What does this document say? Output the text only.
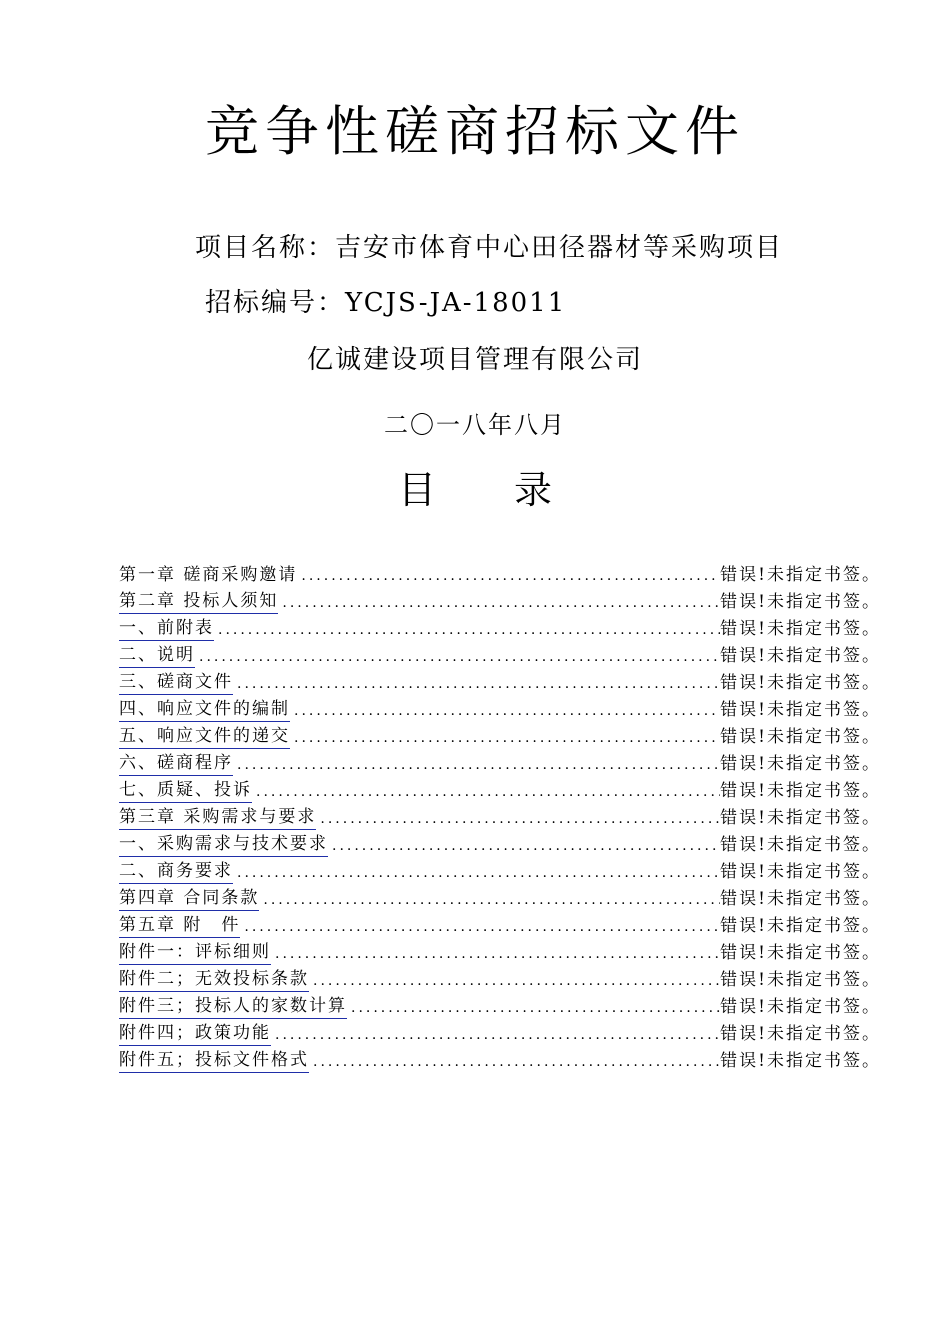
竞争性磋商招标文件
项目名称：吉安市体育中心田径器材等采购项目
招标编号：YCJS-JA-18011
亿诚建设项目管理有限公司
二〇一八年八月
目 录
第一章 磋商采购邀请 .....	错误!未指定书签。
第二章 投标人须知 .....	错误!未指定书签。
一、前附表 .....	错误!未指定书签。
二、说明 .....	错误!未指定书签。
三、磋商文件 .....	错误!未指定书签。
四、响应文件的编制 .....	错误!未指定书签。
五、响应文件的递交 .....	错误!未指定书签。
六、磋商程序 .....	错误!未指定书签。
七、质疑、投诉 .....	错误!未指定书签。
第三章 采购需求与要求 .....	错误!未指定书签。
一、采购需求与技术要求 .....	错误!未指定书签。
二、商务要求 .....	错误!未指定书签。
第四章 合同条款 .....	错误!未指定书签。
第五章 附　件 .....	错误!未指定书签。
附件一：评标细则 .....	错误!未指定书签。
附件二；无效投标条款 .....	错误!未指定书签。
附件三；投标人的家数计算 .....	错误!未指定书签。
附件四；政策功能 .....	错误!未指定书签。
附件五；投标文件格式 .....	错误!未指定书签。
